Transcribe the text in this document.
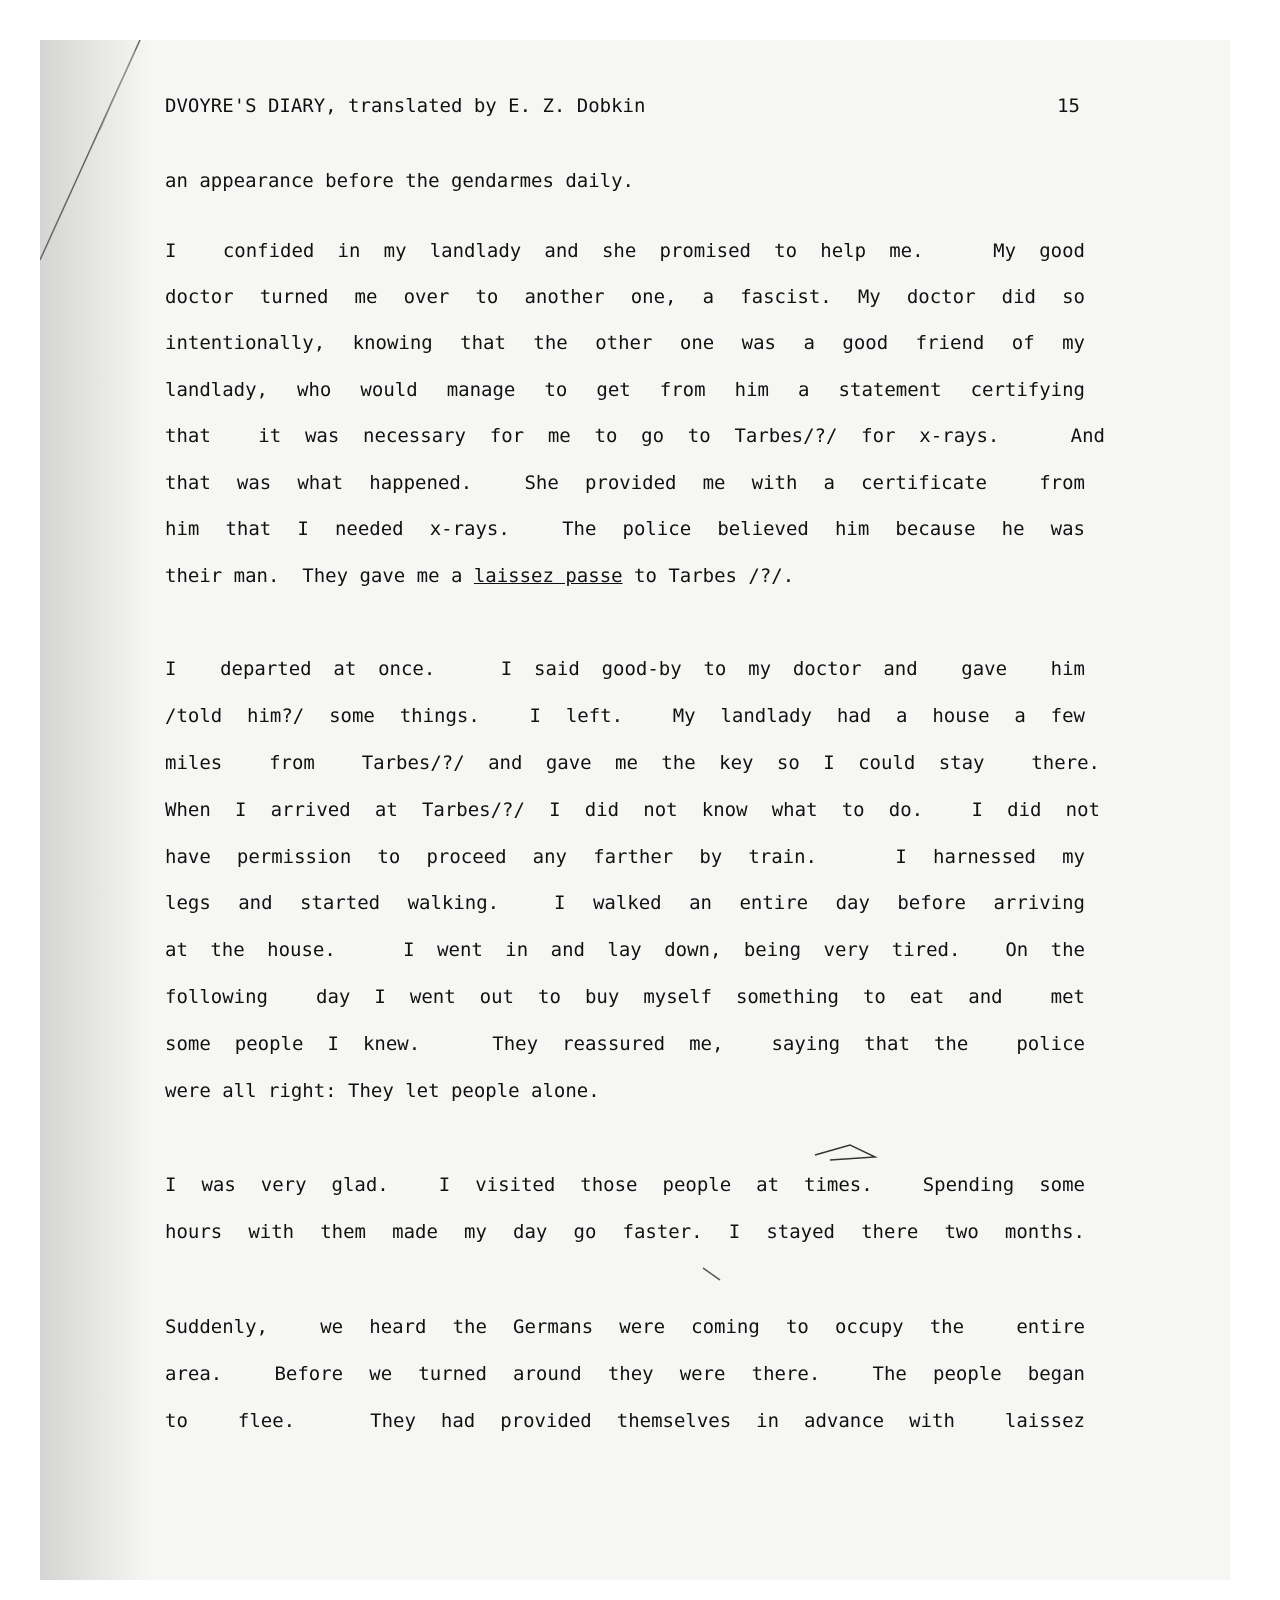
DVOYRE'S DIARY, translated by E. Z. Dobkin	15
an appearance before the gendarmes daily.
I  confided in my landlady and she promised to help me.   My good
doctor turned me over to another one, a fascist. My doctor did so
intentionally, knowing that the other one was a good friend of my
landlady, who would manage to get from him a statement certifying
that  it was necessary for me to go to Tarbes/?/ for x-rays.   And
that was what happened.  She provided me with a certificate  from
him that I needed x-rays.  The police believed him because he was
their man.  They gave me a laissez passe to Tarbes /?/.
I  departed at once.   I said good-by to my doctor and  gave  him
/told him?/ some things.  I left.  My landlady had a house a few
miles  from  Tarbes/?/ and gave me the key so I could stay  there.
When I arrived at Tarbes/?/ I did not know what to do.  I did not
have permission to proceed any farther by train.   I harnessed my
legs and started walking.  I walked an entire day before arriving
at the house.   I went in and lay down, being very tired.  On the
following  day I went out to buy myself something to eat and  met
some people I knew.   They reassured me,  saying that the  police
were all right: They let people alone.
I was very glad.  I visited those people at times.  Spending some
hours with them made my day go faster. I stayed there two months.
Suddenly,  we heard the Germans were coming to occupy the  entire
area.  Before we turned around they were there.  The people began
to  flee.   They had provided themselves in advance with  laissez
